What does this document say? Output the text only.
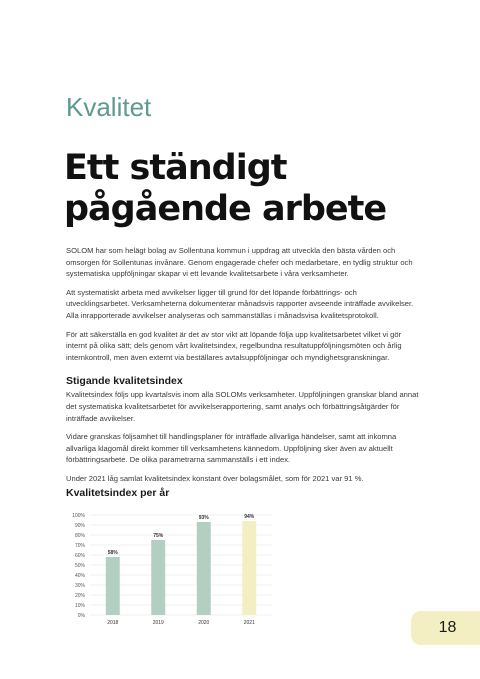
Kvalitet
Ett ständigt
pågående arbete

SOLOM har som helägt bolag av Sollentuna kommun i uppdrag att utveckla den bästa vården och omsorgen för Sollentunas invånare. Genom engagerade chefer och medarbetare, en tydlig struktur och systematiska uppföljningar skapar vi ett levande kvalitetsarbete i våra verksamheter.

Att systematiskt arbeta med avvikelser ligger till grund för det löpande förbättrings- och utvecklingsarbetet. Verksamheterna dokumenterar månadsvis rapporter avseende inträffade avvikelser. Alla inrapporterade avvikelser analyseras och sammanställas i månadsvisa kvalitetsprotokoll.

För att säkerställa en god kvalitet är det av stor vikt att löpande följa upp kvalitetsarbetet vilket vi gör internt på olika sätt; dels genom vårt kvalitetsindex, regelbundna resultatuppföljningsmöten och årlig internkontroll, men även externt via beställares avtalsuppföljningar och myndighetsgranskningar.

Stigande kvalitetsindex

Kvalitetsindex följs upp kvartalsvis inom alla SOLOMs verksamheter. Uppföljningen granskar bland annat det systematiska kvalitetsarbetet för avvikelserapportering, samt analys och förbättringsåtgärder för inträffade avvikelser.

Vidare granskas följsamhet till handlingsplaner för inträffade allvarliga händelser, samt att inkomna allvarliga klagomål direkt kommer till verksamhetens kännedom. Uppföljning sker även av aktuellt förbättringsarbete. De olika parametrarna sammanställs i ett index.

Under 2021 låg samlat kvalitetsindex konstant över bolagsmålet, som för 2021 var 91 %.

Kvalitetsindex per år
0%
10%
20%
30%
40%
50%
60%
70%
80%
90%
100%
58%
2018
75%
2019
93%
2020
94%
2021	18
